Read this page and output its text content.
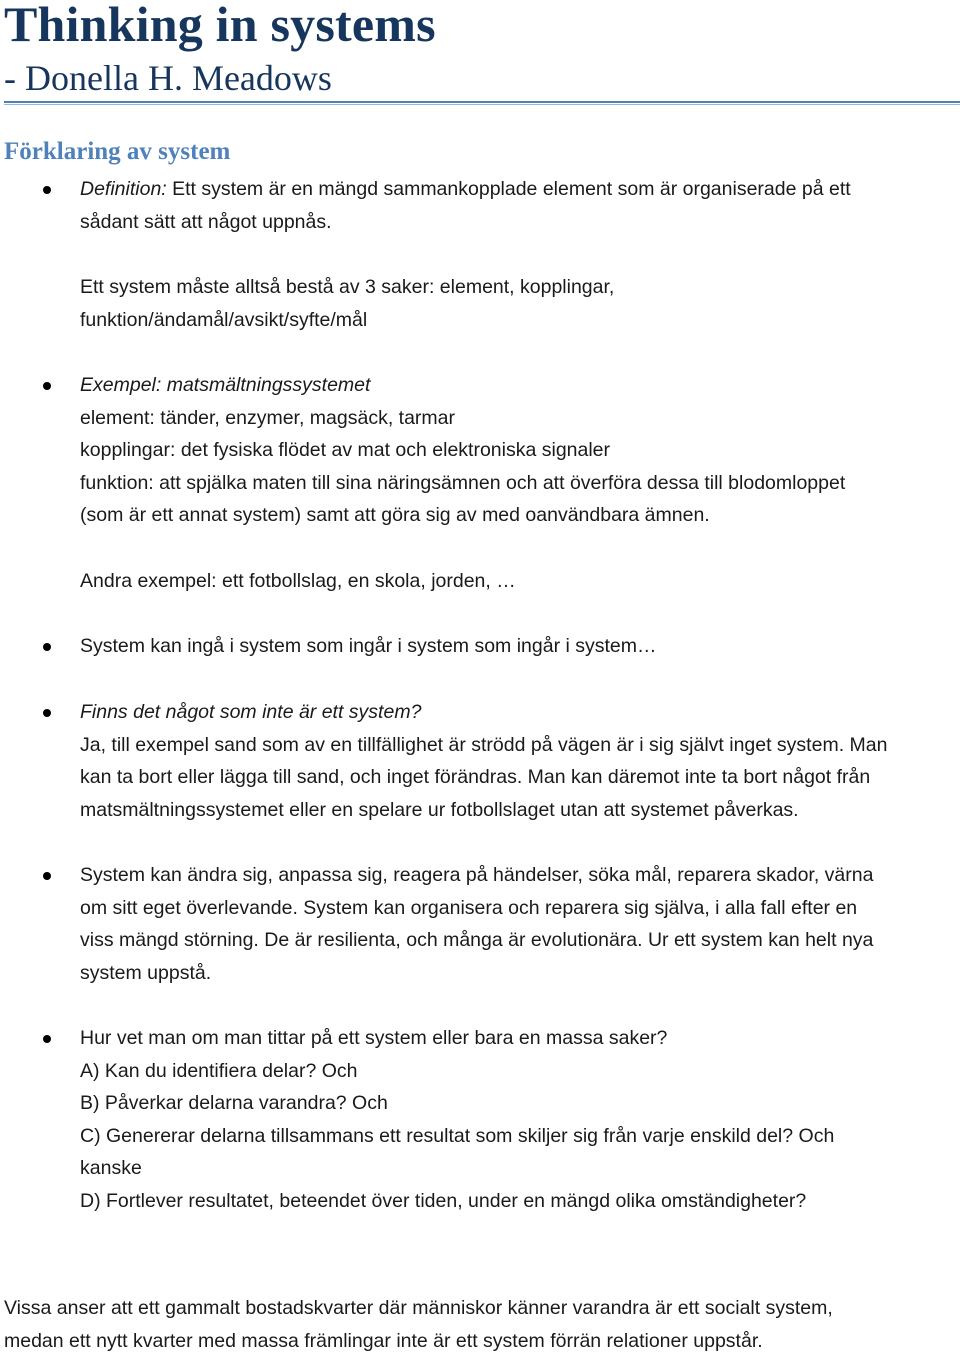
Thinking in systems
- Donella H. Meadows
Förklaring av system
Definition: Ett system är en mängd sammankopplade element som är organiserade på ett
sådant sätt att något uppnås.
Ett system måste alltså bestå av 3 saker: element, kopplingar,
funktion/ändamål/avsikt/syfte/mål
Exempel: matsmältningssystemet
element: tänder, enzymer, magsäck, tarmar
kopplingar: det fysiska flödet av mat och elektroniska signaler
funktion: att spjälka maten till sina näringsämnen och att överföra dessa till blodomloppet
(som är ett annat system) samt att göra sig av med oanvändbara ämnen.
Andra exempel: ett fotbollslag, en skola, jorden, …
System kan ingå i system som ingår i system som ingår i system…
Finns det något som inte är ett system?
Ja, till exempel sand som av en tillfällighet är strödd på vägen är i sig självt inget system. Man
kan ta bort eller lägga till sand, och inget förändras. Man kan däremot inte ta bort något från
matsmältningssystemet eller en spelare ur fotbollslaget utan att systemet påverkas.
System kan ändra sig, anpassa sig, reagera på händelser, söka mål, reparera skador, värna
om sitt eget överlevande. System kan organisera och reparera sig själva, i alla fall efter en
viss mängd störning. De är resilienta, och många är evolutionära. Ur ett system kan helt nya
system uppstå.
Hur vet man om man tittar på ett system eller bara en massa saker?
A) Kan du identifiera delar? Och
B) Påverkar delarna varandra? Och
C) Genererar delarna tillsammans ett resultat som skiljer sig från varje enskild del? Och
kanske
D) Fortlever resultatet, beteendet över tiden, under en mängd olika omständigheter?
Vissa anser att ett gammalt bostadskvarter där människor känner varandra är ett socialt system,
medan ett nytt kvarter med massa främlingar inte är ett system förrän relationer uppstår.
